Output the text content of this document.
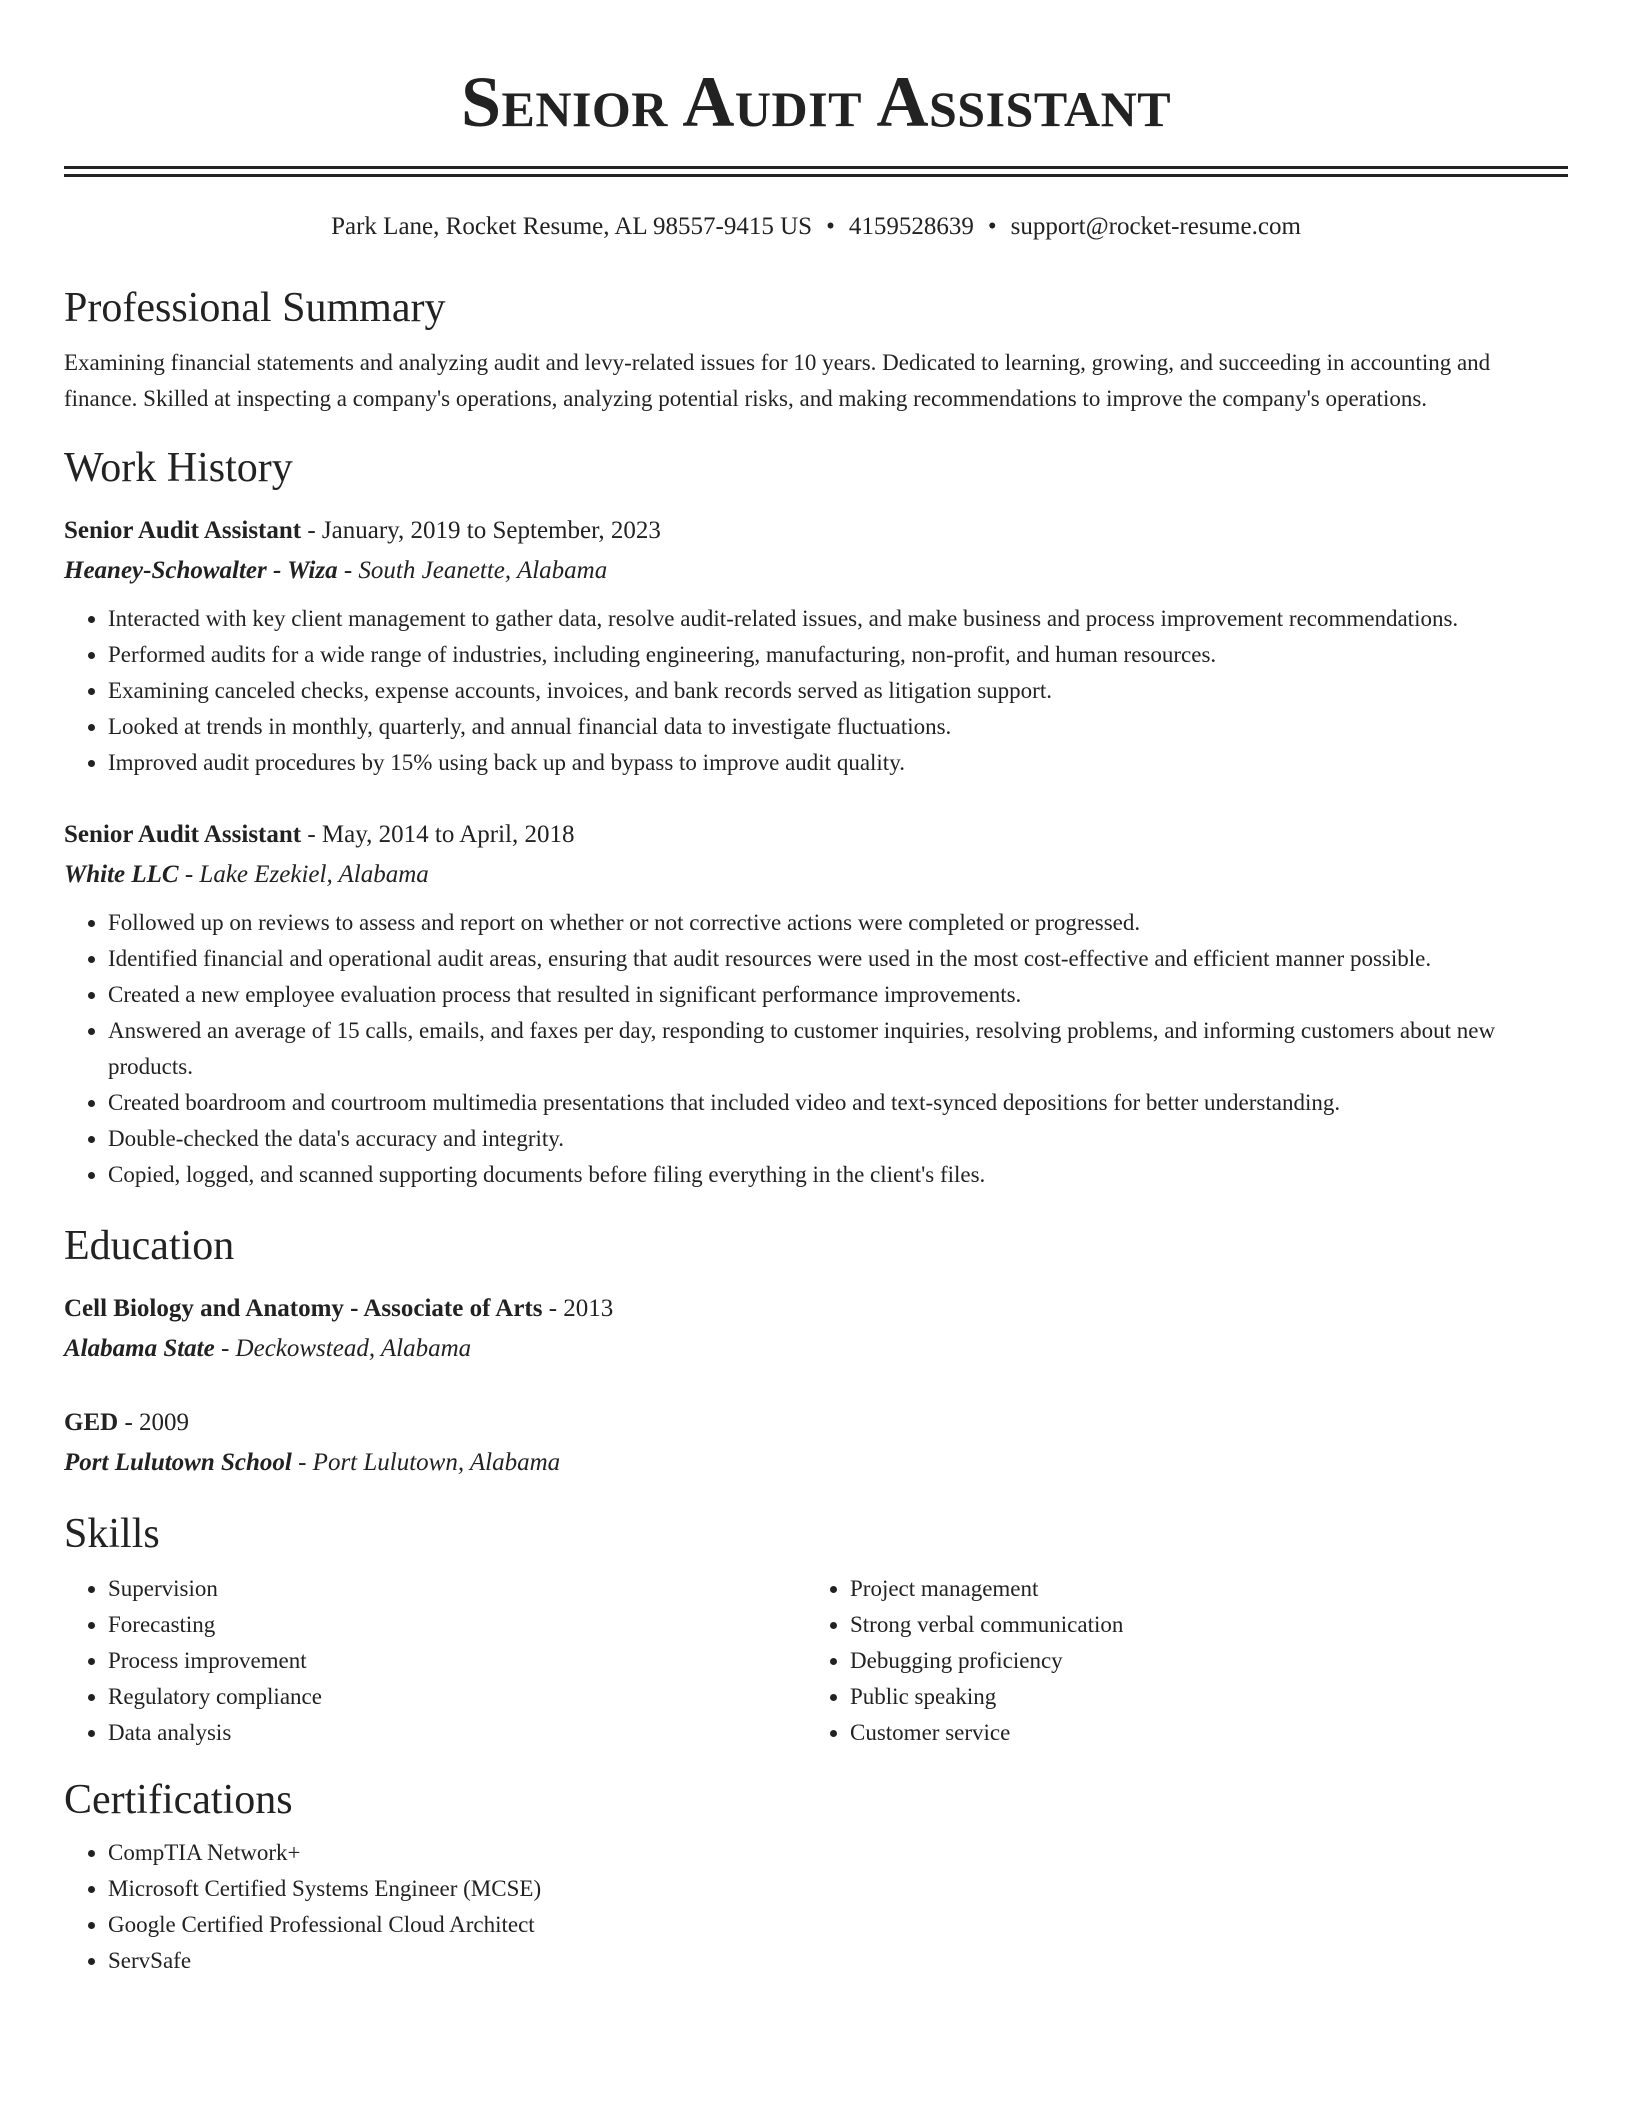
Senior Audit Assistant
Park Lane, Rocket Resume, AL 98557-9415 US • 4159528639 • support@rocket-resume.com
Professional Summary
Examining financial statements and analyzing audit and levy-related issues for 10 years. Dedicated to learning, growing, and succeeding in accounting and finance. Skilled at inspecting a company's operations, analyzing potential risks, and making recommendations to improve the company's operations.
Work History
Senior Audit Assistant - January, 2019 to September, 2023
Heaney-Schowalter - Wiza - South Jeanette, Alabama
• Interacted with key client management to gather data, resolve audit-related issues, and make business and process improvement recommendations.
• Performed audits for a wide range of industries, including engineering, manufacturing, non-profit, and human resources.
• Examining canceled checks, expense accounts, invoices, and bank records served as litigation support.
• Looked at trends in monthly, quarterly, and annual financial data to investigate fluctuations.
• Improved audit procedures by 15% using back up and bypass to improve audit quality.
Senior Audit Assistant - May, 2014 to April, 2018
White LLC - Lake Ezekiel, Alabama
• Followed up on reviews to assess and report on whether or not corrective actions were completed or progressed.
• Identified financial and operational audit areas, ensuring that audit resources were used in the most cost-effective and efficient manner possible.
• Created a new employee evaluation process that resulted in significant performance improvements.
• Answered an average of 15 calls, emails, and faxes per day, responding to customer inquiries, resolving problems, and informing customers about new products.
• Created boardroom and courtroom multimedia presentations that included video and text-synced depositions for better understanding.
• Double-checked the data's accuracy and integrity.
• Copied, logged, and scanned supporting documents before filing everything in the client's files.
Education
Cell Biology and Anatomy - Associate of Arts - 2013
Alabama State - Deckowstead, Alabama
GED - 2009
Port Lulutown School - Port Lulutown, Alabama
Skills
• Supervision
• Forecasting
• Process improvement
• Regulatory compliance
• Data analysis
• Project management
• Strong verbal communication
• Debugging proficiency
• Public speaking
• Customer service
Certifications
• CompTIA Network+
• Microsoft Certified Systems Engineer (MCSE)
• Google Certified Professional Cloud Architect
• ServSafe
